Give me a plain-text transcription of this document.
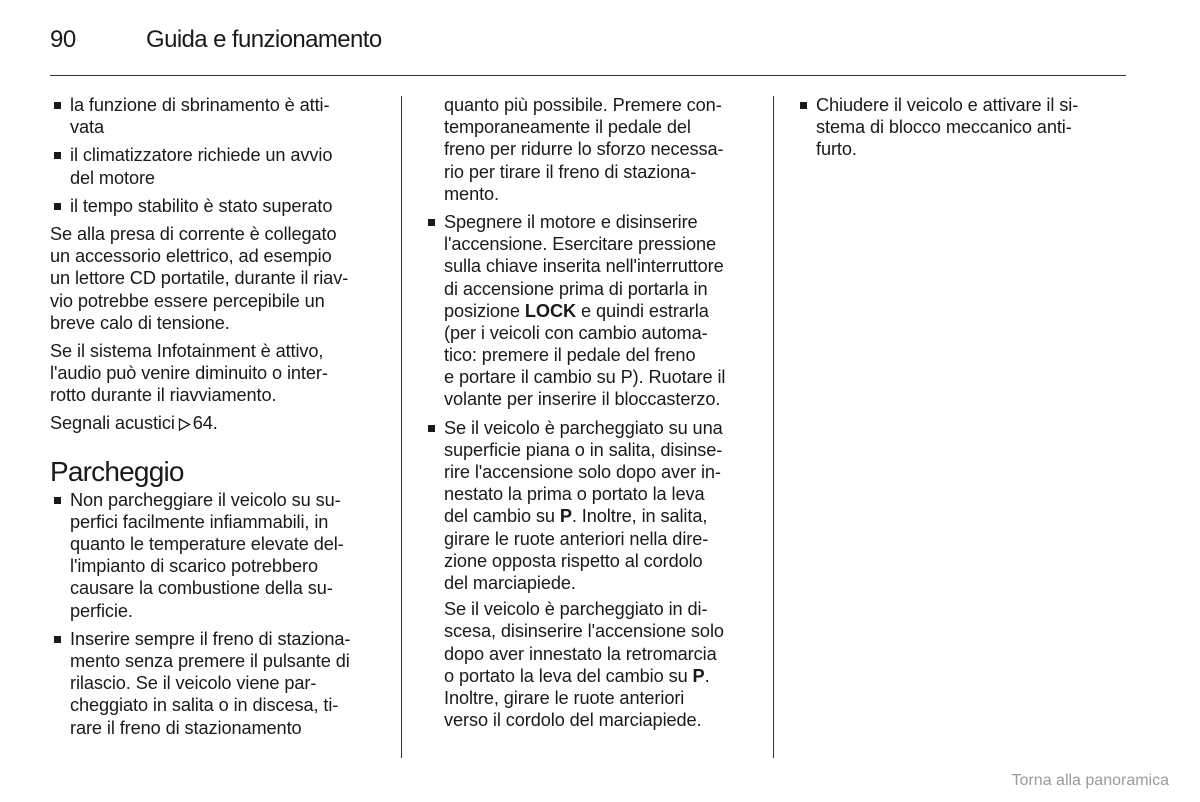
90	Guida e funzionamento
la funzione di sbrinamento è atti-
vata
il climatizzatore richiede un avvio
del motore
il tempo stabilito è stato superato
Se alla presa di corrente è collegato
un accessorio elettrico, ad esempio
un lettore CD portatile, durante il riav-
vio potrebbe essere percepibile un
breve calo di tensione.
Se il sistema Infotainment è attivo,
l'audio può venire diminuito o inter-
rotto durante il riavviamento.
Segnali acustici 64.
Parcheggio
Non parcheggiare il veicolo su su-
perfici facilmente infiammabili, in
quanto le temperature elevate del-
l'impianto di scarico potrebbero
causare la combustione della su-
perficie.
Inserire sempre il freno di staziona-
mento senza premere il pulsante di
rilascio. Se il veicolo viene par-
cheggiato in salita o in discesa, ti-
rare il freno di stazionamento
quanto più possibile. Premere con-
temporaneamente il pedale del
freno per ridurre lo sforzo necessa-
rio per tirare il freno di staziona-
mento.
Spegnere il motore e disinserire
l'accensione. Esercitare pressione
sulla chiave inserita nell'interruttore
di accensione prima di portarla in
posizione LOCK e quindi estrarla
(per i veicoli con cambio automa-
tico: premere il pedale del freno
e portare il cambio su P). Ruotare il
volante per inserire il bloccasterzo.
Se il veicolo è parcheggiato su una
superficie piana o in salita, disinse-
rire l'accensione solo dopo aver in-
nestato la prima o portato la leva
del cambio su P. Inoltre, in salita,
girare le ruote anteriori nella dire-
zione opposta rispetto al cordolo
del marciapiede.
Se il veicolo è parcheggiato in di-
scesa, disinserire l'accensione solo
dopo aver innestato la retromarcia
o portato la leva del cambio su P.
Inoltre, girare le ruote anteriori
verso il cordolo del marciapiede.
Chiudere il veicolo e attivare il si-
stema di blocco meccanico anti-
furto.
Torna alla panoramica
